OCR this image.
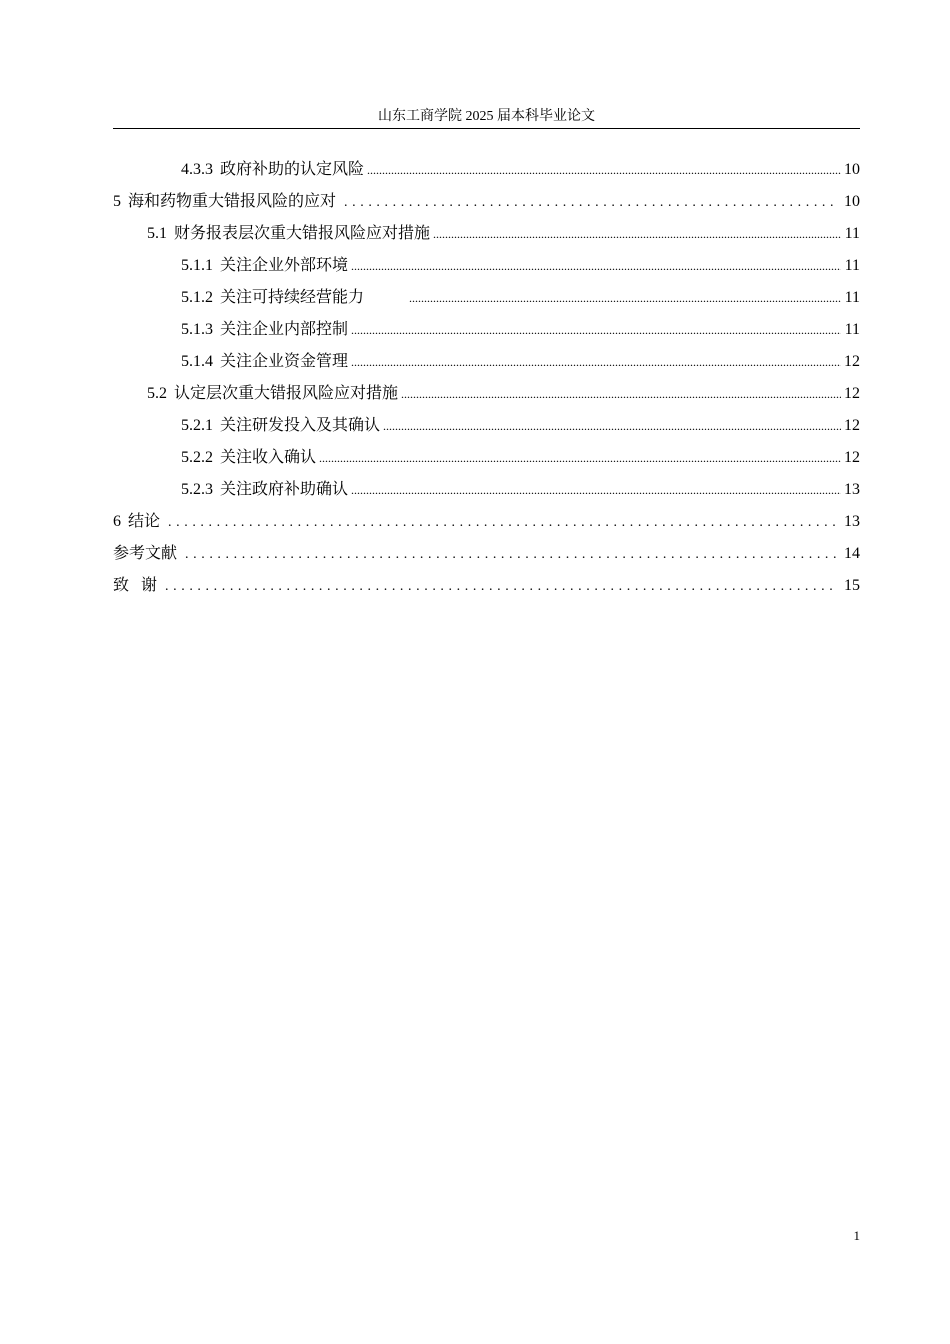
山东工商学院 2025 届本科毕业论文
4.3.3 政府补助的认定风险 .....	10
5 海和药物重大错报风险的应对 .....	10
5.1 财务报表层次重大错报风险应对措施 .....	11
5.1.1 关注企业外部环境 .....	11
5.1.2 关注可持续经营能力 .....	11
5.1.3 关注企业内部控制 .....	11
5.1.4 关注企业资金管理 .....	12
5.2 认定层次重大错报风险应对措施 .....	12
5.2.1 关注研发投入及其确认 .....	12
5.2.2 关注收入确认 .....	12
5.2.3 关注政府补助确认 .....	13
6 结论 .....	13
参考文献 .....	14
致 谢 .....	15
1
